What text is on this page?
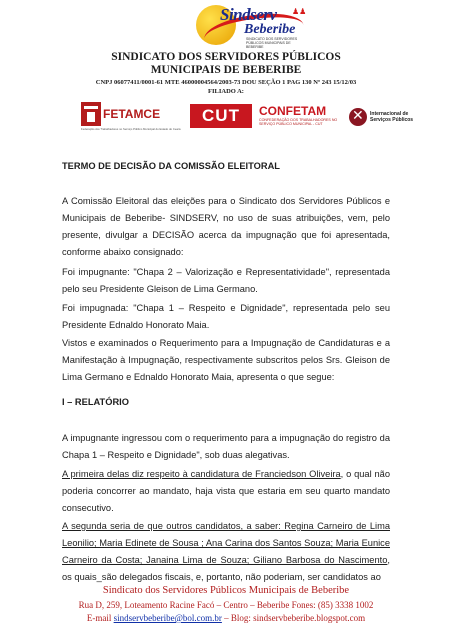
Sindserv
Beberibe
SINDICATO DOS SERVIDORES PÚBLICOS MUNICIPAIS DE BEBERIBE
♟♟
SINDICATO DOS SERVIDORES PÚBLICOS
MUNICIPAIS DE BEBERIBE
CNPJ 06077411/0001-61 MTE 46000004564/2003-73 DOU SEÇÃO 1 PAG 130 Nº 243 15/12/03
FILIADO A:
FETAMCE
Federação dos Trabalhadores no Serviço Público Municipal do Estado do Ceará
CUT	CONFETAM
CONFEDERAÇÃO DOS TRABALHADORES NO SERVIÇO PÚBLICO MUNICIPAL - CUT
✕
Internacional de
Serviços Públicos
TERMO DE DECISÃO DA COMISSÃO ELEITORAL
A Comissão Eleitoral das eleições para o Sindicato dos Servidores Públicos e Municipais de Beberibe- SINDSERV, no uso de suas atribuições, vem, pelo presente, divulgar a DECISÃO acerca da impugnação que foi apresentada, conforme abaixo consignado:
Foi impugnante: "Chapa 2 – Valorização e Representatividade", representada pelo seu Presidente Gleison de Lima Germano.
Foi impugnada: "Chapa 1 – Respeito e Dignidade", representada pelo seu Presidente Ednaldo Honorato Maia.
Vistos e examinados o Requerimento para a Impugnação de Candidaturas e a Manifestação à Impugnação, respectivamente subscritos pelos Srs. Gleison de Lima Germano e Ednaldo Honorato Maia, apresenta o que segue:
I – RELATÓRIO
A impugnante ingressou com o requerimento para a impugnação do registro da Chapa 1 – Respeito e Dignidade", sob duas alegativas.
A primeira delas diz respeito à candidatura de Franciedson Oliveira, o qual não poderia concorrer ao mandato, haja vista que estaria em seu quarto mandato consecutivo.
A segunda seria de que outros candidatos, a saber: Regina Carneiro de Lima Leonilio; Maria Edinete de Sousa ; Ana Carina dos Santos Souza; Maria Eunice Carneiro da Costa; Janaina Lima de Souza; Giliano Barbosa do Nascimento, os quais_são delegados fiscais, e, portanto, não poderiam, ser candidatos ao
Sindicato dos Servidores Públicos Municipais de Beberibe
Rua D, 259, Loteamento Racine Facó – Centro – Beberibe Fones: (85) 3338 1002
E-mail sindservbeberibe@bol.com.br – Blog: sindservbeberibe.blogspot.com
